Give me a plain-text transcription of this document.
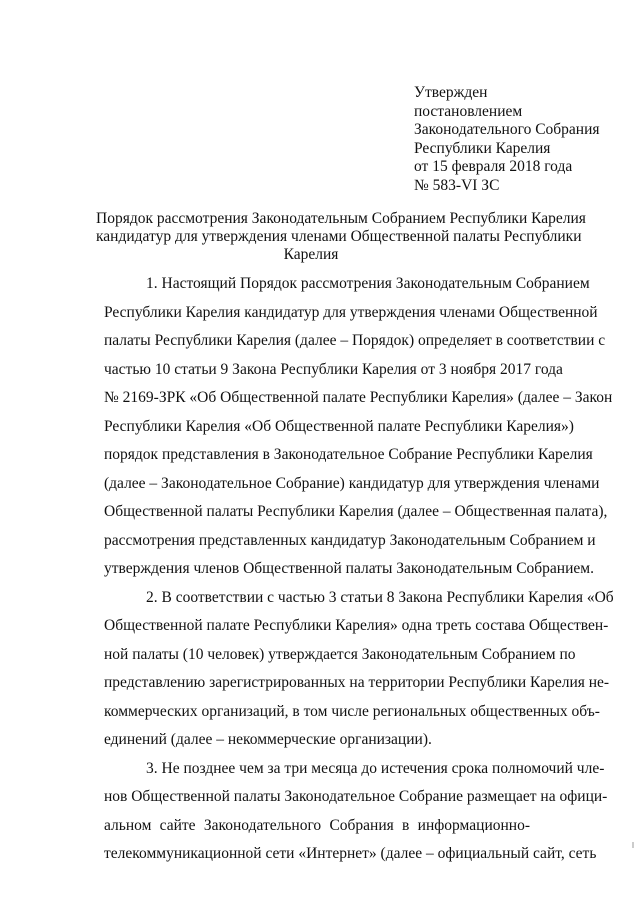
Утвержден
постановлением
Законодательного Собрания
Республики Карелия
от 15 февраля 2018 года
№ 583-VI ЗС
Порядок рассмотрения Законодательным Собранием Республики Карелия
кандидатур для утверждения членами Общественной палаты Республики
Карелия

1. Настоящий Порядок рассмотрения Законодательным Собранием
Республики Карелия кандидатур для утверждения членами Общественной
палаты Республики Карелия (далее – Порядок) определяет в соответствии с
частью 10 статьи 9 Закона Республики Карелия от 3 ноября 2017 года
№ 2169-ЗРК «Об Общественной палате Республики Карелия» (далее – Закон
Республики Карелия «Об Общественной палате Республики Карелия»)
порядок представления в Законодательное Собрание Республики Карелия
(далее – Законодательное Собрание) кандидатур для утверждения членами
Общественной палаты Республики Карелия (далее – Общественная палата),
рассмотрения представленных кандидатур Законодательным Собранием и
утверждения членов Общественной палаты Законодательным Собранием.

2. В соответствии с частью 3 статьи 8 Закона Республики Карелия «Об
Общественной палате Республики Карелия» одна треть состава Обществен-
ной палаты (10 человек) утверждается Законодательным Собранием по
представлению зарегистрированных на территории Республики Карелия не-
коммерческих организаций, в том числе региональных общественных объ-
единений (далее – некоммерческие организации).

3. Не позднее чем за три месяца до истечения срока полномочий чле-
нов Общественной палаты Законодательное Собрание размещает на офици-
альном сайте Законодательного Собрания в информационно-
телекоммуникационной сети «Интернет» (далее – официальный сайт, сеть
